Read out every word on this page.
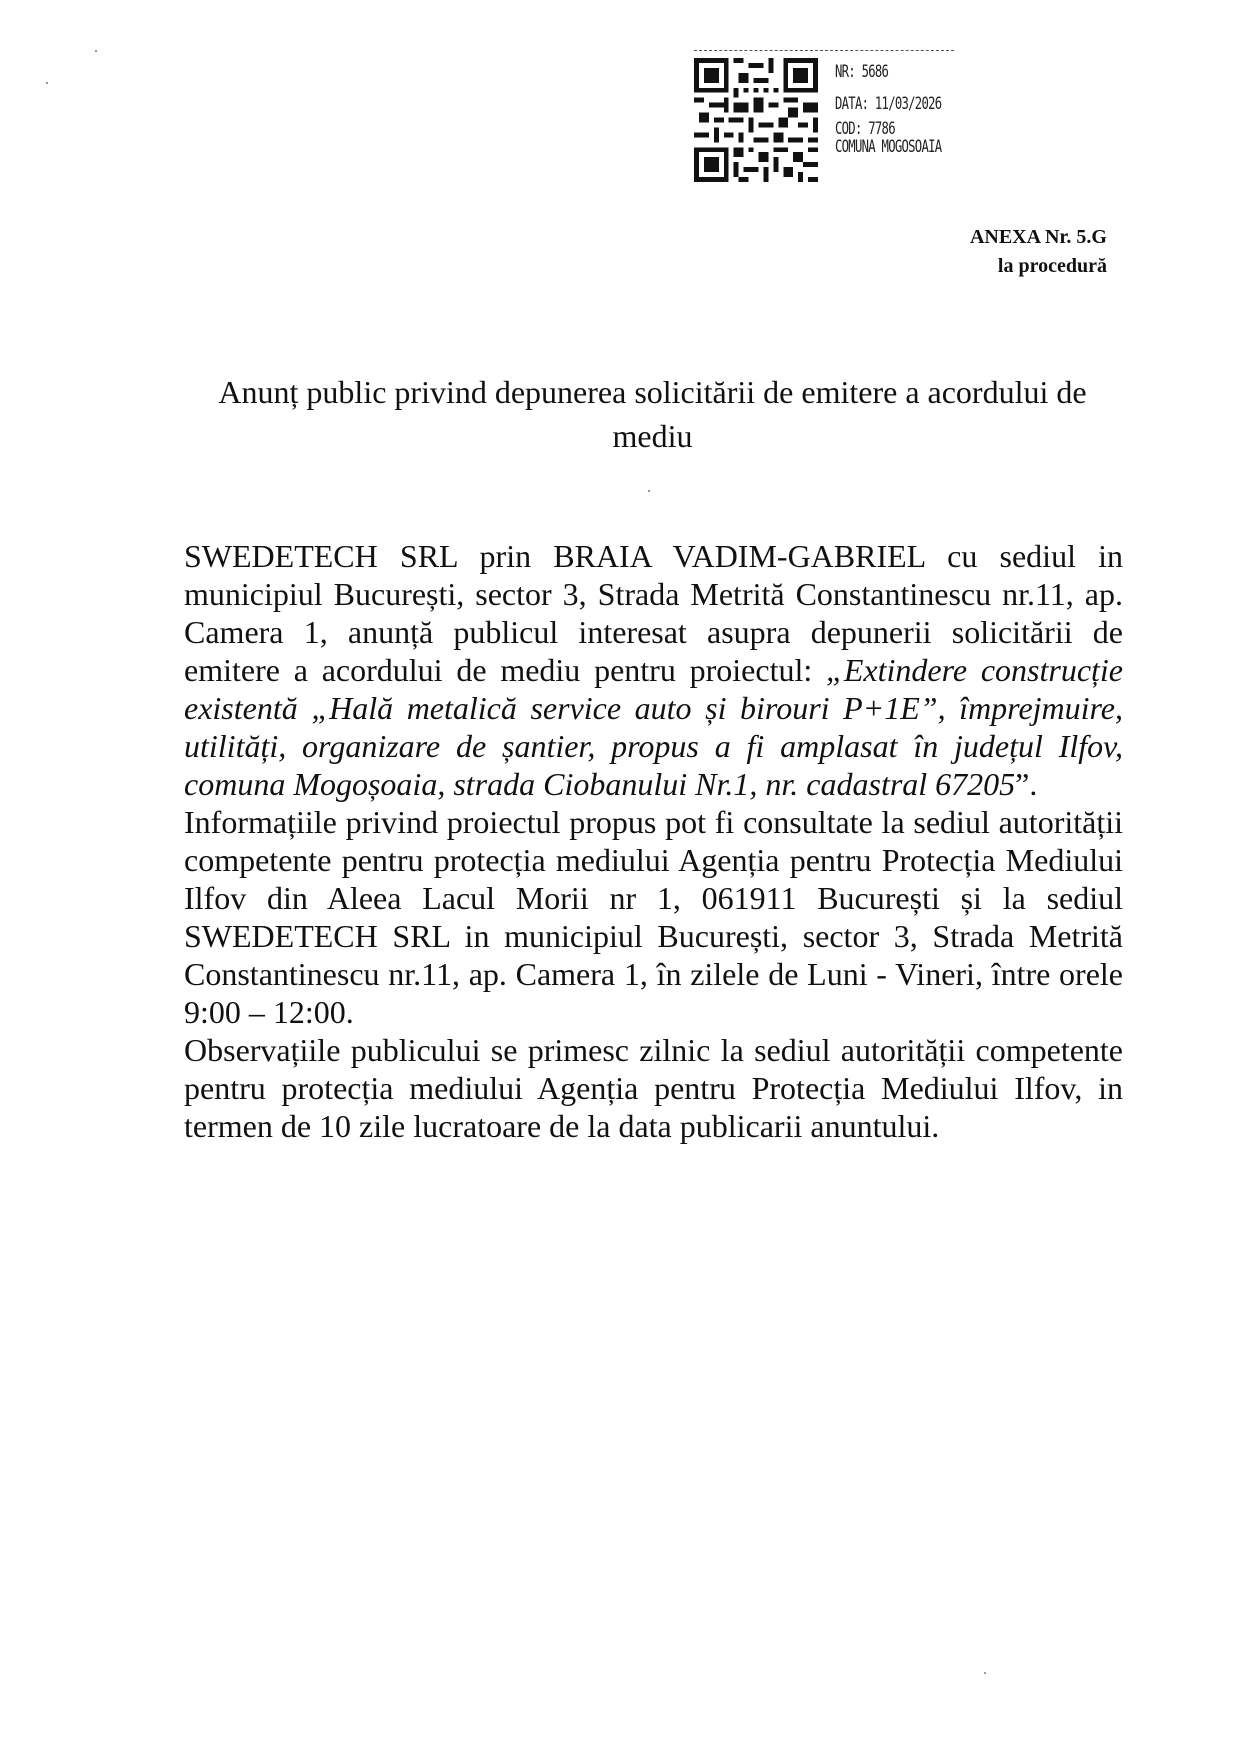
NR: 5686
DATA: 11/03/2026
COD: 7786
COMUNA MOGOSOAIA
ANEXA Nr. 5.G
la procedură
Anunț public privind depunerea solicitării de emitere a acordului de mediu

SWEDETECH SRL prin BRAIA VADIM-GABRIEL cu sediul in municipiul București, sector 3, Strada Metrită Constantinescu nr.11, ap. Camera 1, anunță publicul interesat asupra depunerii solicitării de emitere a acordului de mediu pentru proiectul: „Extindere construcție existentă „Hală metalică service auto și birouri P+1E”, împrejmuire, utilități, organizare de șantier, propus a fi amplasat în județul Ilfov, comuna Mogoșoaia, strada Ciobanului Nr.1, nr. cadastral 67205”.

Informațiile privind proiectul propus pot fi consultate la sediul autorității competente pentru protecția mediului Agenția pentru Protecția Mediului Ilfov din Aleea Lacul Morii nr 1, 061911 București și la sediul SWEDETECH SRL in municipiul București, sector 3, Strada Metrită Constantinescu nr.11, ap. Camera 1, în zilele de Luni - Vineri, între orele 9:00 – 12:00.

Observațiile publicului se primesc zilnic la sediul autorității competente pentru protecția mediului Agenția pentru Protecția Mediului Ilfov, in termen de 10 zile lucratoare de la data publicarii anuntului.
